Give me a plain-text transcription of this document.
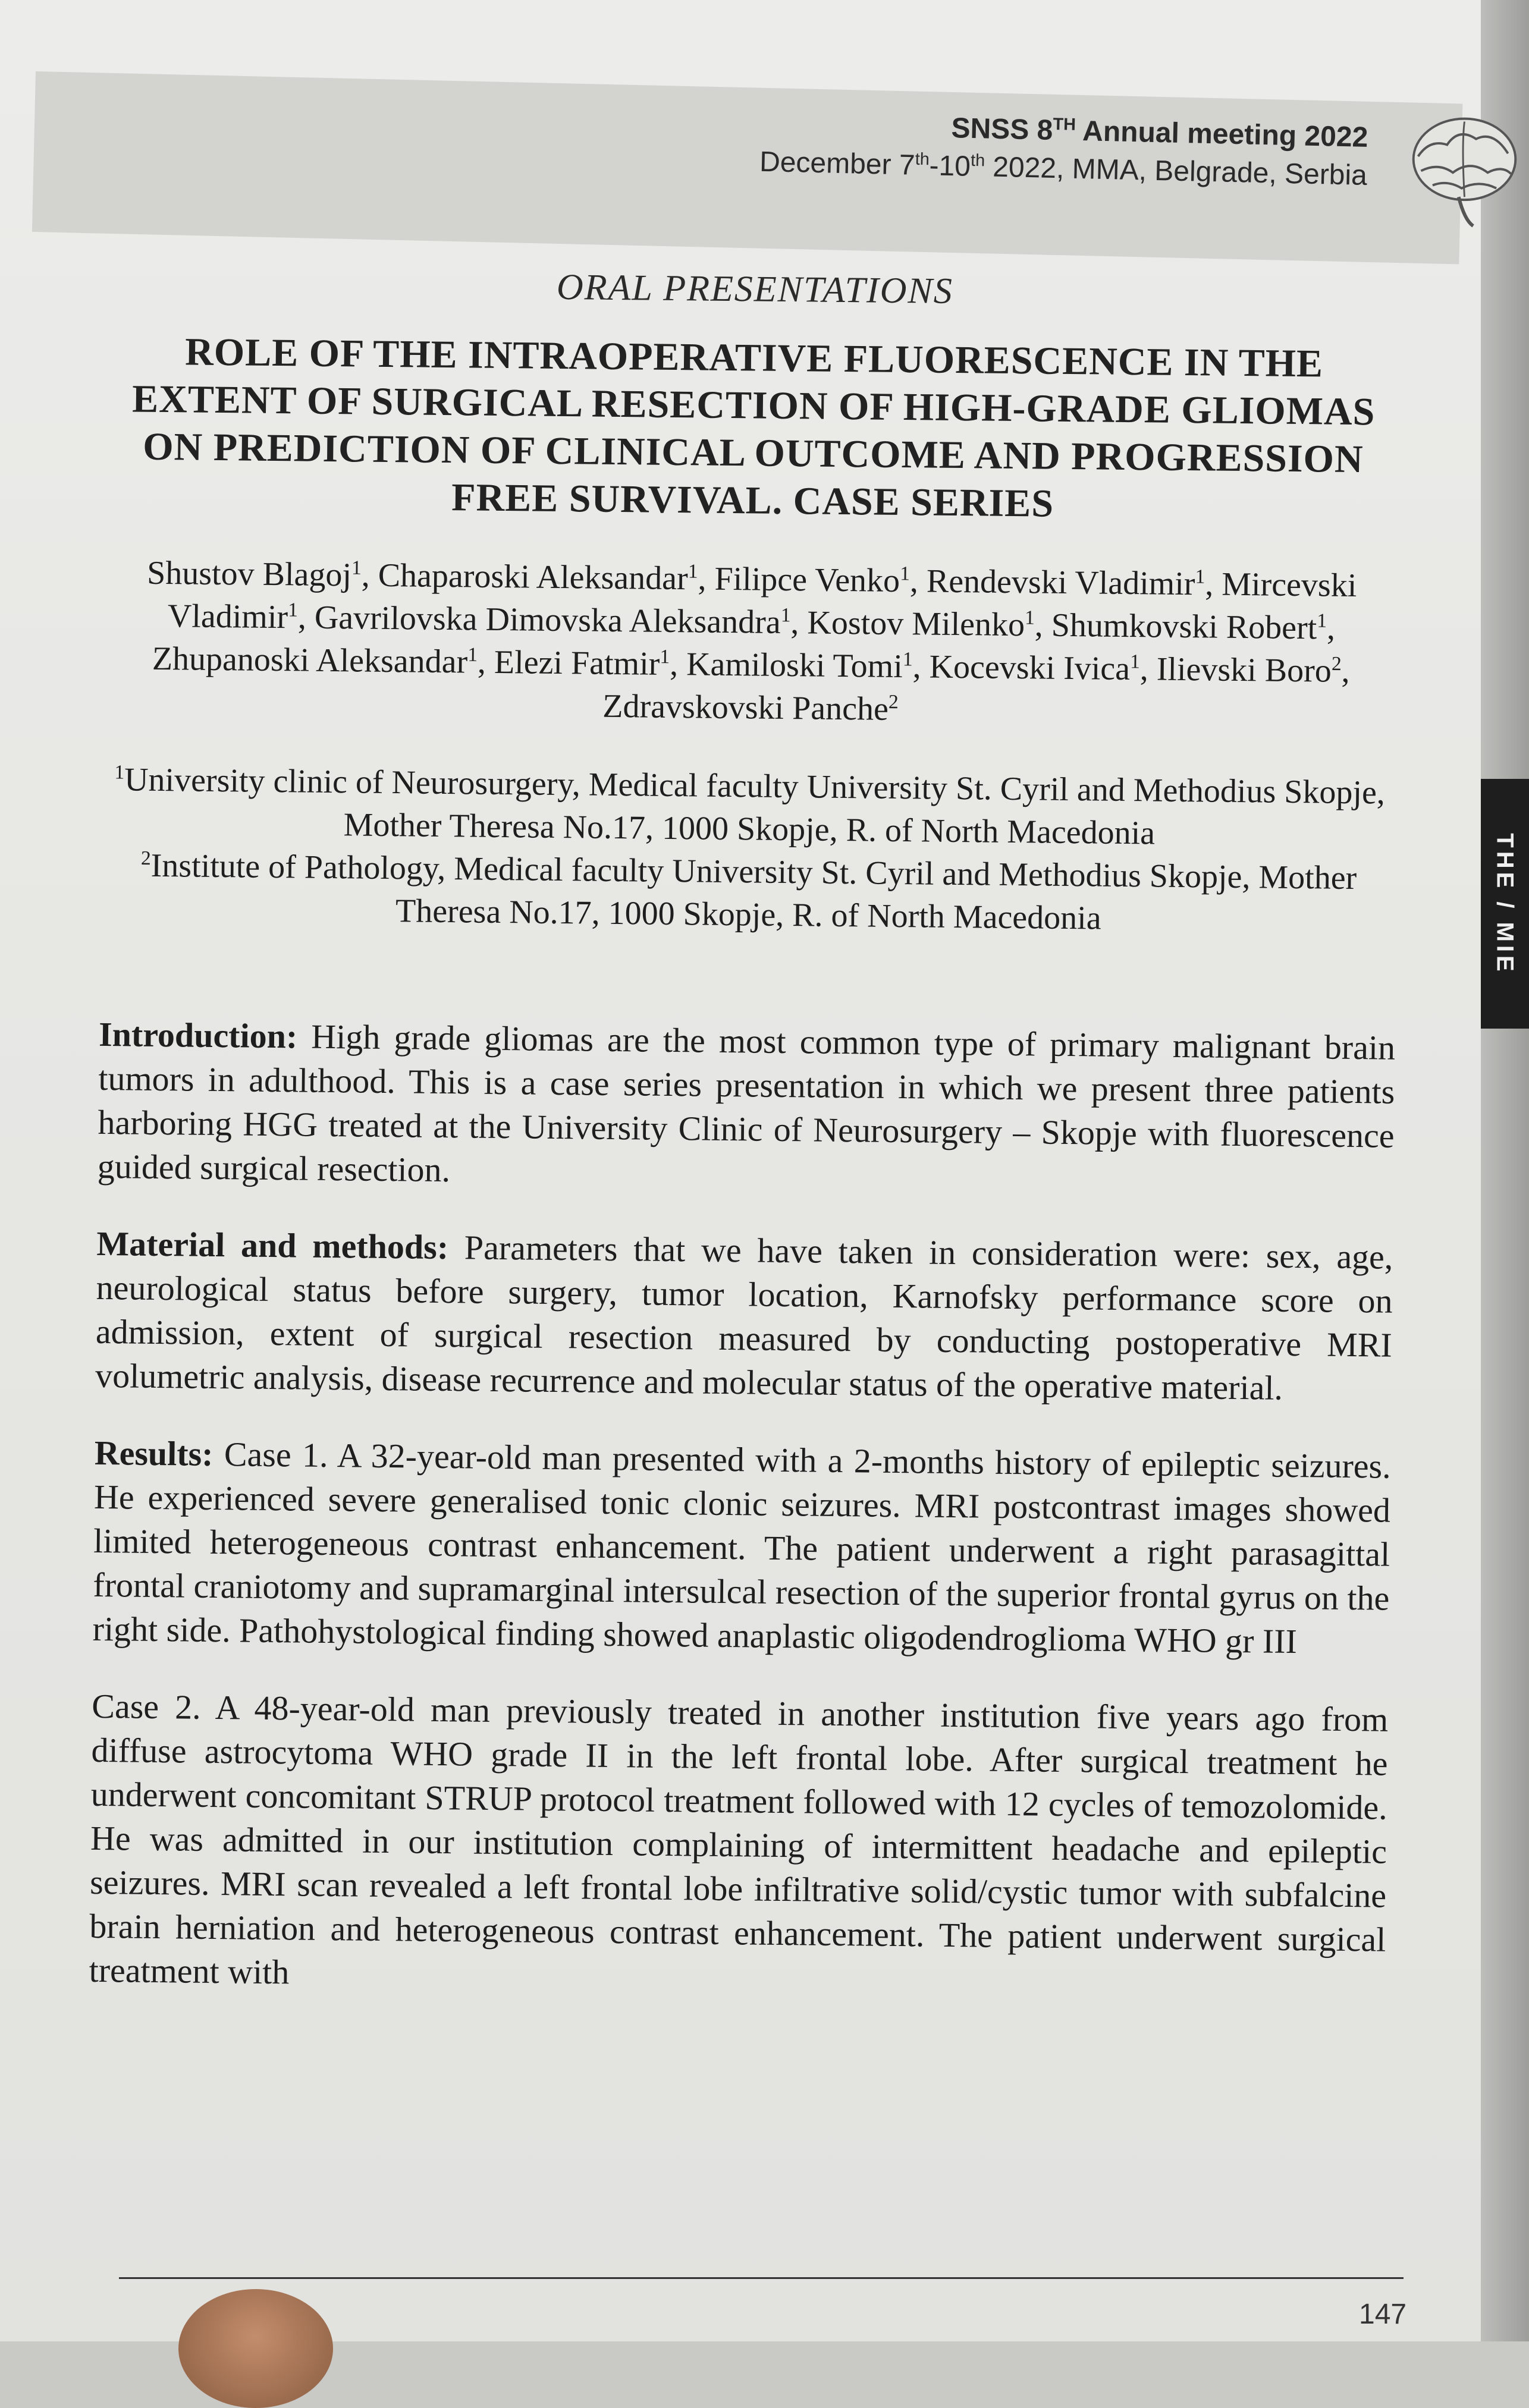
SNSS 8TH Annual meeting 2022
December 7th-10th 2022, MMA, Belgrade, Serbia
THE / MIE
ORAL PRESENTATIONS
ROLE OF THE INTRAOPERATIVE FLUORESCENCE IN THE EXTENT OF SURGICAL RESECTION OF HIGH-GRADE GLIOMAS ON PREDICTION OF CLINICAL OUTCOME AND PROGRESSION FREE SURVIVAL. CASE SERIES
Shustov Blagoj$^1$, Chaparoski Aleksandar$^1$, Filipce Venko$^1$, Rendevski Vladimir$^1$, Mircevski Vladimir$^1$, Gavrilovska Dimovska Aleksandra$^1$, Kostov Milenko$^1$, Shumkovski Robert$^1$, Zhupanoski Aleksandar$^1$, Elezi Fatmir$^1$, Kamiloski Tomi$^1$, Kocevski Ivica$^1$, Ilievski Boro$^2$, Zdravskovski Panche$^2$
$^1$University clinic of Neurosurgery, Medical faculty University St. Cyril and Methodius Skopje, Mother Theresa No.17, 1000 Skopje, R. of North Macedonia
$^2$Institute of Pathology, Medical faculty University St. Cyril and Methodius Skopje, Mother Theresa No.17, 1000 Skopje, R. of North Macedonia

Introduction: High grade gliomas are the most common type of primary malignant brain tumors in adulthood. This is a case series presentation in which we present three patients harboring HGG treated at the University Clinic of Neurosurgery – Skopje with fluorescence guided surgical resection.

Material and methods: Parameters that we have taken in consideration were: sex, age, neurological status before surgery, tumor location, Karnofsky performance score on admission, extent of surgical resection measured by conducting postoperative MRI volumetric analysis, disease recurrence and molecular status of the operative material.

Results: Case 1. A 32-year-old man presented with a 2-months history of epileptic seizures. He experienced severe generalised tonic clonic seizures. MRI postcontrast images showed limited heterogeneous contrast enhancement. The patient underwent a right parasagittal frontal craniotomy and supramarginal intersulcal resection of the superior frontal gyrus on the right side. Pathohystological finding showed anaplastic oligodendroglioma WHO gr III

Case 2. A 48-year-old man previously treated in another institution five years ago from diffuse astrocytoma WHO grade II in the left frontal lobe. After surgical treatment he underwent concomitant STRUP protocol treatment followed with 12 cycles of temozolomide. He was admitted in our institution complaining of intermittent headache and epileptic seizures. MRI scan revealed a left frontal lobe infiltrative solid/cystic tumor with subfalcine brain herniation and heterogeneous contrast enhancement. The patient underwent surgical treatment with

147
